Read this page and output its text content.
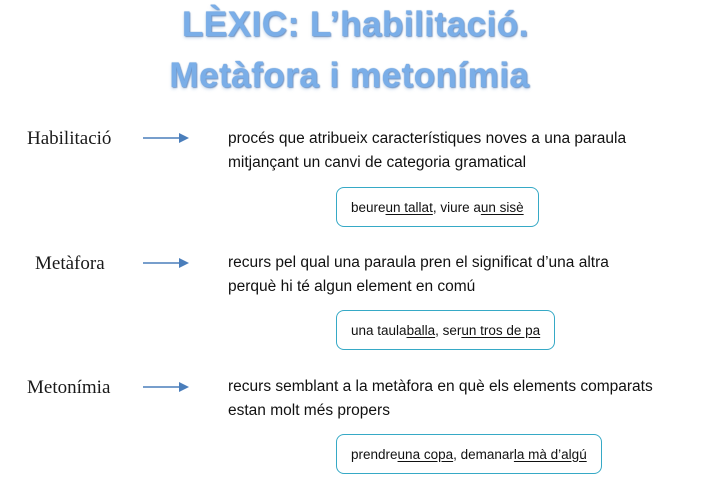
LÈXIC: L’habilitació.
Metàfora i metonímia
Habilitació	procés que atribueix característiques noves a una paraula
mitjançant un canvi de categoria gramatical
beure un tallat , viure a un sisè
Metàfora	recurs pel qual una paraula pren el significat d’una altra
perquè hi té algun element en comú
una taula balla , ser un tros de pa
Metonímia	recurs semblant a la metàfora en què els elements comparats
estan molt més propers
prendre una copa , demanar la mà d’algú
